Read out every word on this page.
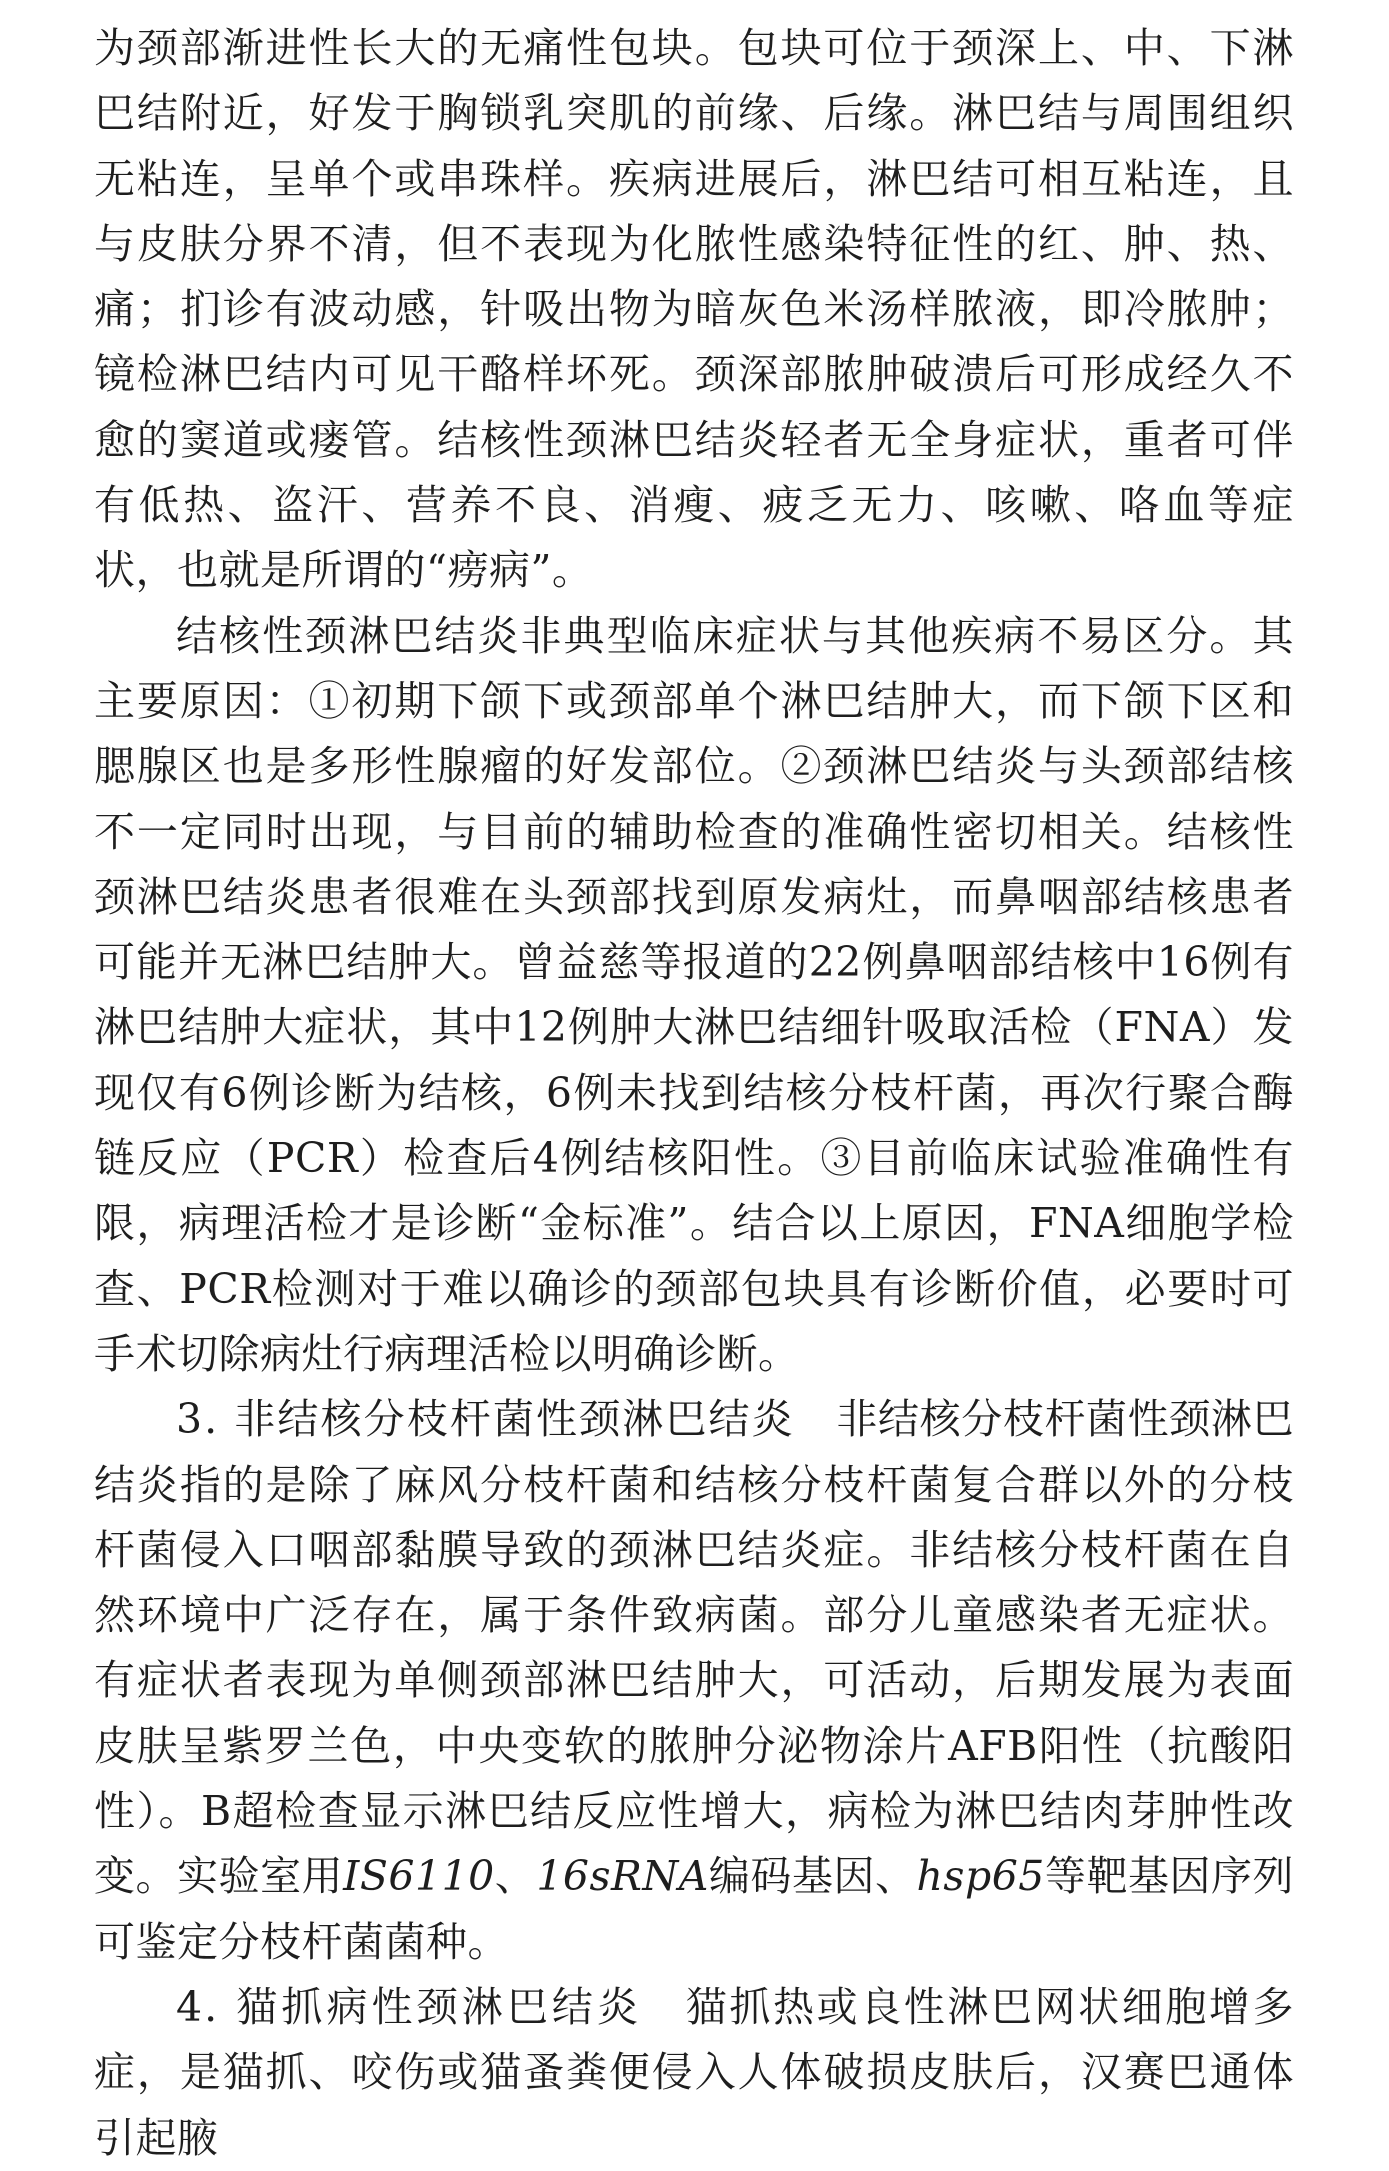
为颈部渐进性长大的无痛性包块。包块可位于颈深上、中、下淋巴结附近，好发于胸锁乳突肌的前缘、后缘。淋巴结与周围组织无粘连，呈单个或串珠样。疾病进展后，淋巴结可相互粘连，且与皮肤分界不清，但不表现为化脓性感染特征性的红、肿、热、痛；扪诊有波动感，针吸出物为暗灰色米汤样脓液，即冷脓肿；镜检淋巴结内可见干酪样坏死。颈深部脓肿破溃后可形成经久不愈的窦道或瘘管。结核性颈淋巴结炎轻者无全身症状，重者可伴有低热、盗汗、营养不良、消瘦、疲乏无力、咳嗽、咯血等症状，也就是所谓的“痨病”。

结核性颈淋巴结炎非典型临床症状与其他疾病不易区分。其主要原因：①初期下颌下或颈部单个淋巴结肿大，而下颌下区和腮腺区也是多形性腺瘤的好发部位。②颈淋巴结炎与头颈部结核不一定同时出现，与目前的辅助检查的准确性密切相关。结核性颈淋巴结炎患者很难在头颈部找到原发病灶，而鼻咽部结核患者可能并无淋巴结肿大。曾益慈等报道的22例鼻咽部结核中16例有淋巴结肿大症状，其中12例肿大淋巴结细针吸取活检（FNA）发现仅有6例诊断为结核，6例未找到结核分枝杆菌，再次行聚合酶链反应（PCR）检查后4例结核阳性。③目前临床试验准确性有限，病理活检才是诊断“金标准”。结合以上原因，FNA细胞学检查、PCR检测对于难以确诊的颈部包块具有诊断价值，必要时可手术切除病灶行病理活检以明确诊断。

3. 非结核分枝杆菌性颈淋巴结炎　 非结核分枝杆菌性颈淋巴结炎指的是除了麻风分枝杆菌和结核分枝杆菌复合群以外的分枝杆菌侵入口咽部黏膜导致的颈淋巴结炎症。非结核分枝杆菌在自然环境中广泛存在，属于条件致病菌。部分儿童感染者无症状。有症状者表现为单侧颈部淋巴结肿大，可活动，后期发展为表面皮肤呈紫罗兰色，中央变软的脓肿分泌物涂片AFB阳性（抗酸阳性）。B超检查显示淋巴结反应性增大，病检为淋巴结肉芽肿性改变。实验室用IS6110、16sRNA编码基因、hsp65等靶基因序列可鉴定分枝杆菌菌种。

4. 猫抓病性颈淋巴结炎　 猫抓热或良性淋巴网状细胞增多症，是猫抓、咬伤或猫蚤粪便侵入人体破损皮肤后，汉赛巴通体引起腋
